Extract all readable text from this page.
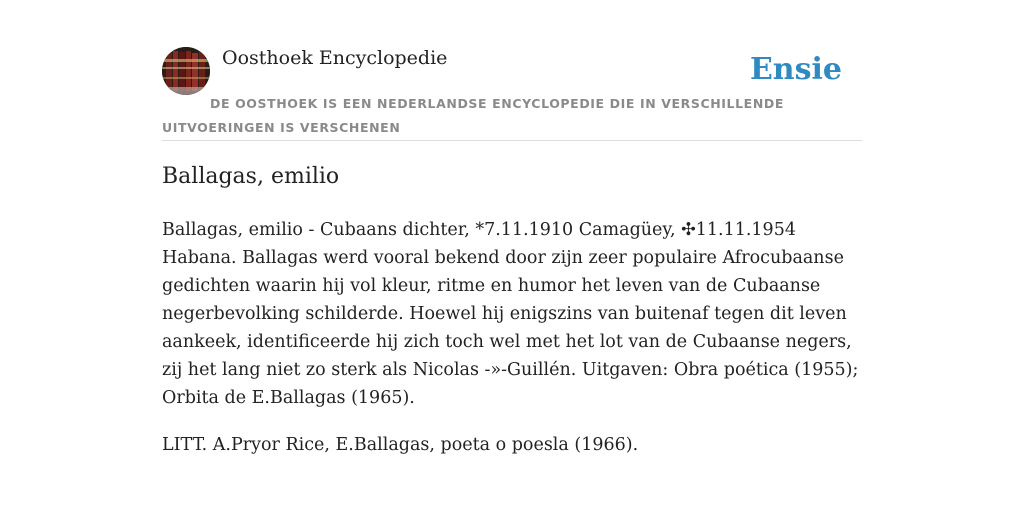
Oosthoek Encyclopedie	Ensie
DE OOSTHOEK IS EEN NEDERLANDSE ENCYCLOPEDIE DIE IN VERSCHILLENDE UITVOERINGEN IS VERSCHENEN
Ballagas, emilio

Ballagas, emilio - Cubaans dichter, *7.11.1910 Camagüey, ✣11.11.1954 Habana. Ballagas werd vooral bekend door zijn zeer populaire Afrocubaanse gedichten waarin hij vol kleur, ritme en humor het leven van de Cubaanse negerbevolking schilderde. Hoewel hij enigszins van buitenaf tegen dit leven aankeek, identificeerde hij zich toch wel met het lot van de Cubaanse negers, zij het lang niet zo sterk als Nicolas -»-Guillén. Uitgaven: Obra poética (1955); Orbita de E.Ballagas (1965).

LITT. A.Pryor Rice, E.Ballagas, poeta o poesla (1966).
